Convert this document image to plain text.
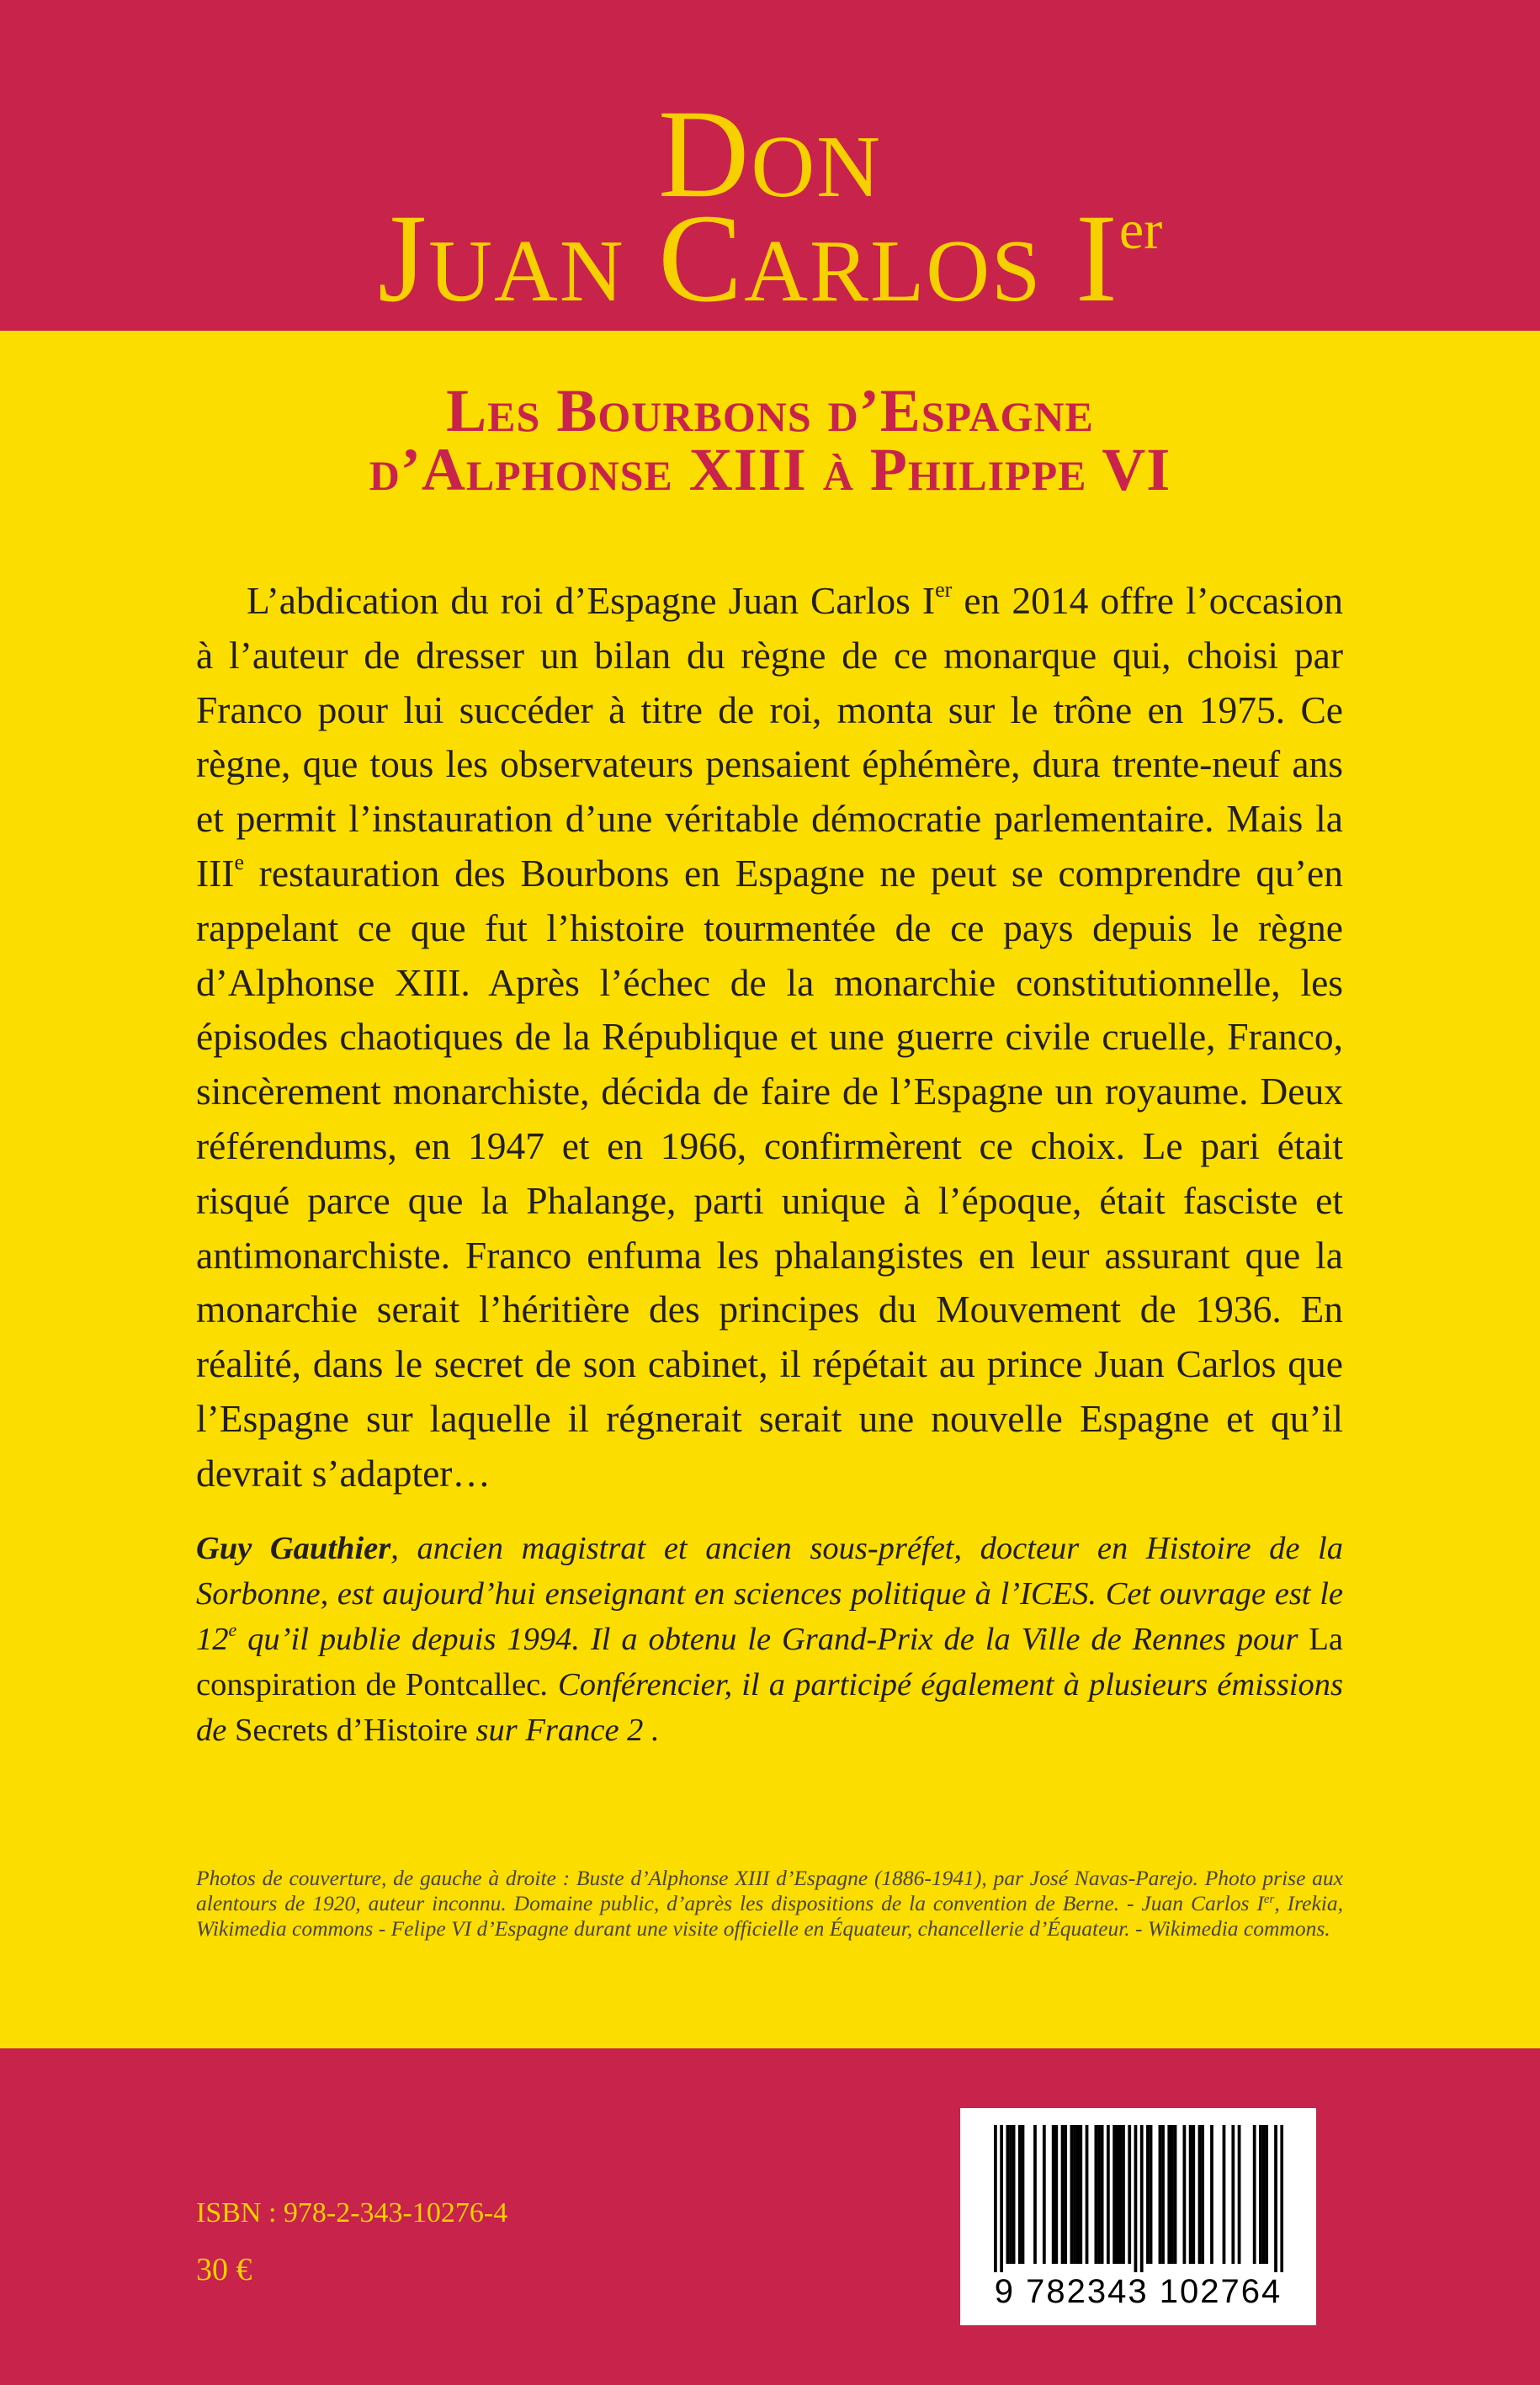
Don
Juan Carlos Ier
Les Bourbons d’Espagne
d’Alphonse XIII à Philippe VI

L’abdication du roi d’Espagne Juan Carlos Ier en 2014 offre l’occasion à l’auteur de dresser un bilan du règne de ce monarque qui, choisi par Franco pour lui succéder à titre de roi, monta sur le trône en 1975. Ce règne, que tous les observateurs pensaient éphémère, dura trente-neuf ans et permit l’instauration d’une véritable démocratie parlementaire. Mais la IIIe restauration des Bourbons en Espagne ne peut se comprendre qu’en rappelant ce que fut l’histoire tourmentée de ce pays depuis le règne d’Alphonse XIII. Après l’échec de la monarchie constitutionnelle, les épisodes chaotiques de la République et une guerre civile cruelle, Franco, sincèrement monarchiste, décida de faire de l’Espagne un royaume. Deux référendums, en 1947 et en 1966, confirmèrent ce choix. Le pari était risqué parce que la Phalange, parti unique à l’époque, était fasciste et antimonarchiste. Franco enfuma les phalangistes en leur assurant que la monarchie serait l’héritière des principes du Mouvement de 1936. En réalité, dans le secret de son cabinet, il répétait au prince Juan Carlos que l’Espagne sur laquelle il régnerait serait une nouvelle Espagne et qu’il devrait s’adapter…

Guy Gauthier, ancien magistrat et ancien sous-préfet, docteur en Histoire de la Sorbonne, est aujourd’hui enseignant en sciences politique à l’ICES. Cet ouvrage est le 12e qu’il publie depuis 1994. Il a obtenu le Grand-Prix de la Ville de Rennes pour La conspiration de Pontcallec. Conférencier, il a participé également à plusieurs émissions de Secrets d’Histoire sur France 2 .

Photos de couverture, de gauche à droite : Buste d’Alphonse XIII d’Espagne (1886-1941), par José Navas-Parejo. Photo prise aux alentours de 1920, auteur inconnu. Domaine public, d’après les dispositions de la convention de Berne. - Juan Carlos Ier, Irekia, Wikimedia commons - Felipe VI d’Espagne durant une visite officielle en Équateur, chancellerie d’Équateur. - Wikimedia commons.

ISBN : 978-2-343-10276-4

30 €

9 782343 102764
